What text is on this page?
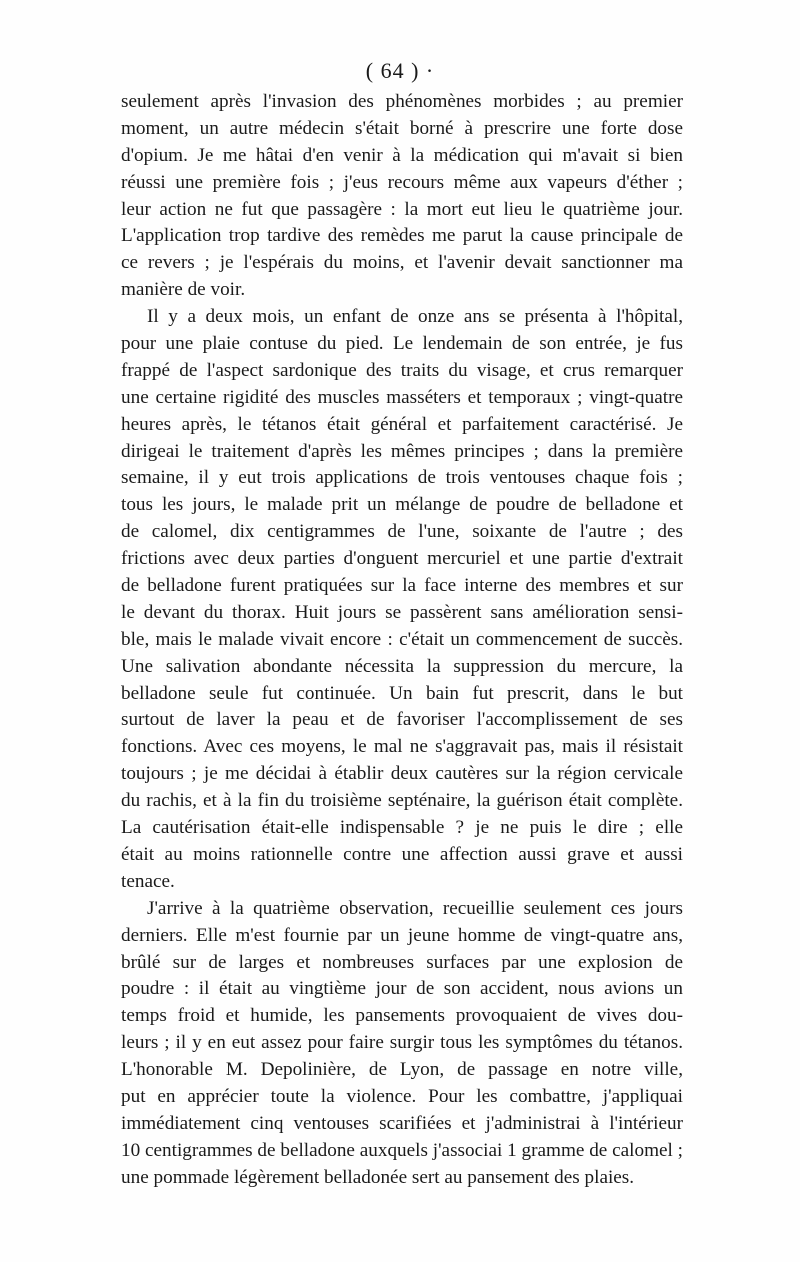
( 64 ) ·
seulement après l'invasion des phénomènes morbides ; au premier
moment, un autre médecin s'était borné à prescrire une forte dose
d'opium. Je me hâtai d'en venir à la médication qui m'avait si bien
réussi une première fois ; j'eus recours même aux vapeurs d'éther ;
leur action ne fut que passagère : la mort eut lieu le quatrième jour.
L'application trop tardive des remèdes me parut la cause principale de
ce revers ; je l'espérais du moins, et l'avenir devait sanctionner ma
manière de voir.
Il y a deux mois, un enfant de onze ans se présenta à l'hôpital,
pour une plaie contuse du pied. Le lendemain de son entrée, je fus
frappé de l'aspect sardonique des traits du visage, et crus remarquer
une certaine rigidité des muscles masséters et temporaux ; vingt-quatre
heures après, le tétanos était général et parfaitement caractérisé. Je
dirigeai le traitement d'après les mêmes principes ; dans la première
semaine, il y eut trois applications de trois ventouses chaque fois ;
tous les jours, le malade prit un mélange de poudre de belladone et
de calomel, dix centigrammes de l'une, soixante de l'autre ; des
frictions avec deux parties d'onguent mercuriel et une partie d'extrait
de belladone furent pratiquées sur la face interne des membres et sur
le devant du thorax. Huit jours se passèrent sans amélioration sensi-
ble, mais le malade vivait encore : c'était un commencement de succès.
Une salivation abondante nécessita la suppression du mercure, la
belladone seule fut continuée. Un bain fut prescrit, dans le but
surtout de laver la peau et de favoriser l'accomplissement de ses
fonctions. Avec ces moyens, le mal ne s'aggravait pas, mais il résistait
toujours ; je me décidai à établir deux cautères sur la région cervicale
du rachis, et à la fin du troisième septénaire, la guérison était complète.
La cautérisation était-elle indispensable ? je ne puis le dire ; elle
était au moins rationnelle contre une affection aussi grave et aussi
tenace.
J'arrive à la quatrième observation, recueillie seulement ces jours
derniers. Elle m'est fournie par un jeune homme de vingt-quatre ans,
brûlé sur de larges et nombreuses surfaces par une explosion de
poudre : il était au vingtième jour de son accident, nous avions un
temps froid et humide, les pansements provoquaient de vives dou-
leurs ; il y en eut assez pour faire surgir tous les symptômes du tétanos.
L'honorable M. Depolinière, de Lyon, de passage en notre ville,
put en apprécier toute la violence. Pour les combattre, j'appliquai
immédiatement cinq ventouses scarifiées et j'administrai à l'intérieur
10 centigrammes de belladone auxquels j'associai 1 gramme de calomel ;
une pommade légèrement belladonée sert au pansement des plaies.
